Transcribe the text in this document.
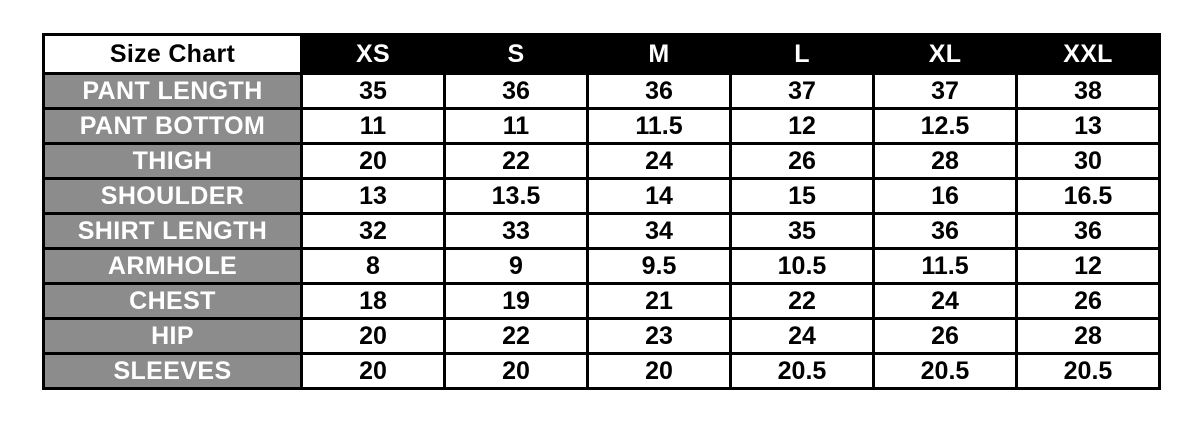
Size Chart	XS	S	M	L	XL	XXL
PANT LENGTH	35	36	36	37	37	38
PANT BOTTOM	11	11	11.5	12	12.5	13
THIGH	20	22	24	26	28	30
SHOULDER	13	13.5	14	15	16	16.5
SHIRT LENGTH	32	33	34	35	36	36
ARMHOLE	8	9	9.5	10.5	11.5	12
CHEST	18	19	21	22	24	26
HIP	20	22	23	24	26	28
SLEEVES	20	20	20	20.5	20.5	20.5
